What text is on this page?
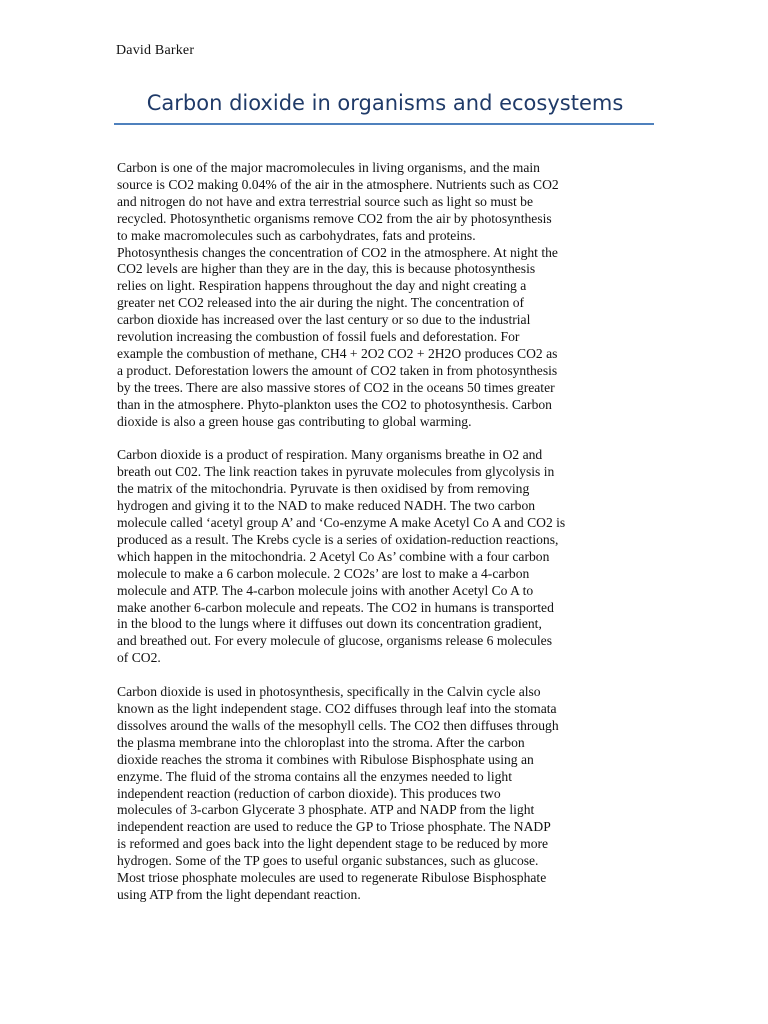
David Barker
Carbon dioxide in organisms and ecosystems

Carbon is one of the major macromolecules in living organisms, and the main
source is CO2 making 0.04% of the air in the atmosphere. Nutrients such as CO2
and nitrogen do not have and extra terrestrial source such as light so must be
recycled. Photosynthetic organisms remove CO2 from the air by photosynthesis
to make macromolecules such as carbohydrates, fats and proteins.
Photosynthesis changes the concentration of CO2 in the atmosphere. At night the
CO2 levels are higher than they are in the day, this is because photosynthesis
relies on light. Respiration happens throughout the day and night creating a
greater net CO2 released into the air during the night. The concentration of
carbon dioxide has increased over the last century or so due to the industrial
revolution increasing the combustion of fossil fuels and deforestation. For
example the combustion of methane, CH4 + 2O2 CO2 + 2H2O produces CO2 as
a product. Deforestation lowers the amount of CO2 taken in from photosynthesis
by the trees. There are also massive stores of CO2 in the oceans 50 times greater
than in the atmosphere. Phyto-plankton uses the CO2 to photosynthesis. Carbon
dioxide is also a green house gas contributing to global warming.

Carbon dioxide is a product of respiration. Many organisms breathe in O2 and
breath out C02. The link reaction takes in pyruvate molecules from glycolysis in
the matrix of the mitochondria. Pyruvate is then oxidised by from removing
hydrogen and giving it to the NAD to make reduced NADH. The two carbon
molecule called ‘acetyl group A’ and ‘Co-enzyme A make Acetyl Co A and CO2 is
produced as a result. The Krebs cycle is a series of oxidation-reduction reactions,
which happen in the mitochondria. 2 Acetyl Co As’ combine with a four carbon
molecule to make a 6 carbon molecule. 2 CO2s’ are lost to make a 4-carbon
molecule and ATP. The 4-carbon molecule joins with another Acetyl Co A to
make another 6-carbon molecule and repeats. The CO2 in humans is transported
in the blood to the lungs where it diffuses out down its concentration gradient,
and breathed out. For every molecule of glucose, organisms release 6 molecules
of CO2.

Carbon dioxide is used in photosynthesis, specifically in the Calvin cycle also
known as the light independent stage. CO2 diffuses through leaf into the stomata
dissolves around the walls of the mesophyll cells. The CO2 then diffuses through
the plasma membrane into the chloroplast into the stroma. After the carbon
dioxide reaches the stroma it combines with Ribulose Bisphosphate using an
enzyme. The fluid of the stroma contains all the enzymes needed to light
independent reaction (reduction of carbon dioxide). This produces two
molecules of 3-carbon Glycerate 3 phosphate. ATP and NADP from the light
independent reaction are used to reduce the GP to Triose phosphate. The NADP
is reformed and goes back into the light dependent stage to be reduced by more
hydrogen. Some of the TP goes to useful organic substances, such as glucose.
Most triose phosphate molecules are used to regenerate Ribulose Bisphosphate
using ATP from the light dependant reaction.
